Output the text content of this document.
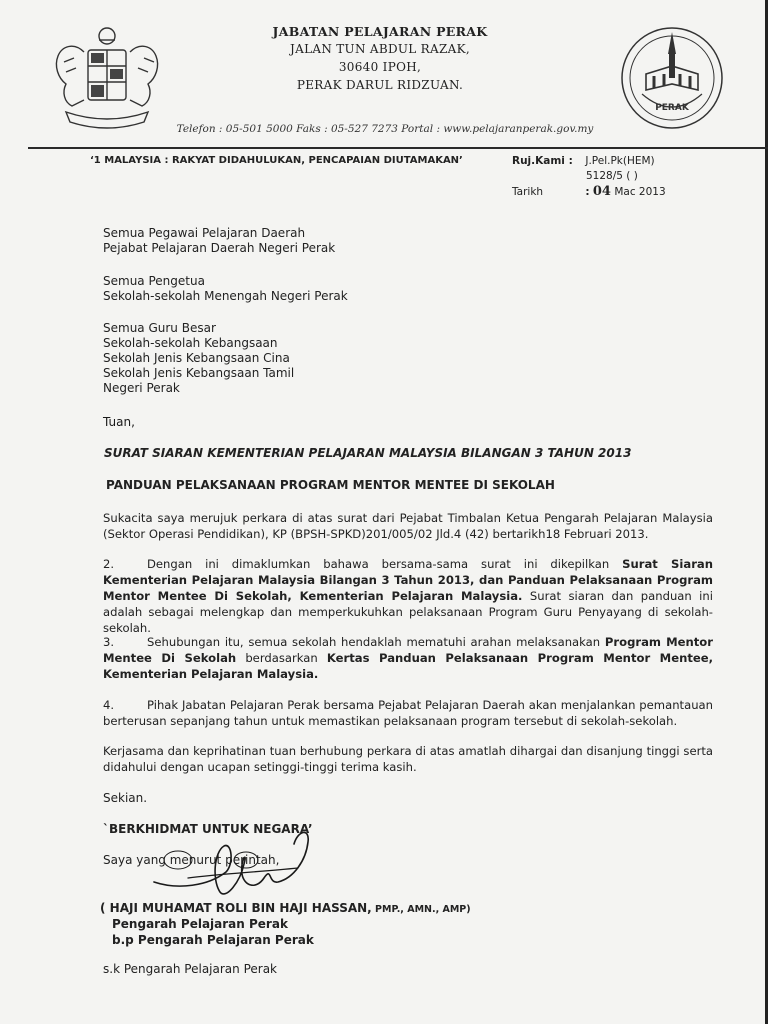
JABATAN PELAJARAN PERAK
JALAN TUN ABDUL RAZAK,
30640 IPOH,
PERAK DARUL RIDZUAN.
PERAK
Telefon : 05-501 5000 Faks : 05-527 7273 Portal : www.pelajaranperak.gov.my
‘1 MALAYSIA : RAKYAT DIDAHULUKAN, PENCAPAIAN DIUTAMAKAN’	Ruj.Kami : J.Pel.Pk(HEM)
5128/5 ( )
Tarikh	: 04 Mac 2013
Semua Pegawai Pelajaran Daerah
Pejabat Pelajaran Daerah Negeri Perak
Semua Pengetua
Sekolah-sekolah Menengah Negeri Perak
Semua Guru Besar
Sekolah-sekolah Kebangsaan
Sekolah Jenis Kebangsaan Cina
Sekolah Jenis Kebangsaan Tamil
Negeri Perak
Tuan,
SURAT SIARAN KEMENTERIAN PELAJARAN MALAYSIA BILANGAN 3 TAHUN 2013
PANDUAN PELAKSANAAN PROGRAM MENTOR MENTEE DI SEKOLAH
Sukacita saya merujuk perkara di atas surat dari Pejabat Timbalan Ketua Pengarah Pelajaran Malaysia (Sektor Operasi Pendidikan), KP (BPSH-SPKD)201/005/02 Jld.4 (42) bertarikh18 Februari 2013.
2.	Dengan ini dimaklumkan bahawa bersama-sama surat ini dikepilkan Surat Siaran Kementerian Pelajaran Malaysia Bilangan 3 Tahun 2013, dan Panduan Pelaksanaan Program Mentor Mentee Di Sekolah, Kementerian Pelajaran Malaysia. Surat siaran dan panduan ini adalah sebagai melengkap dan memperkukuhkan pelaksanaan Program Guru Penyayang di sekolah-sekolah.
3.	Sehubungan itu, semua sekolah hendaklah mematuhi arahan melaksanakan Program Mentor Mentee Di Sekolah berdasarkan Kertas Panduan Pelaksanaan Program Mentor Mentee, Kementerian Pelajaran Malaysia.
4.	Pihak Jabatan Pelajaran Perak bersama Pejabat Pelajaran Daerah akan menjalankan pemantauan berterusan sepanjang tahun untuk memastikan pelaksanaan program tersebut di sekolah-sekolah.
Kerjasama dan keprihatinan tuan berhubung perkara di atas amatlah dihargai dan disanjung tinggi serta didahului dengan ucapan setinggi-tinggi terima kasih.
Sekian.
`BERKHIDMAT UNTUK NEGARA’
Saya yang menurut perintah,
( HAJI MUHAMAT ROLI BIN HAJI HASSAN, PMP., AMN., AMP)
Pengarah Pelajaran Perak
b.p Pengarah Pelajaran Perak
s.k Pengarah Pelajaran Perak
